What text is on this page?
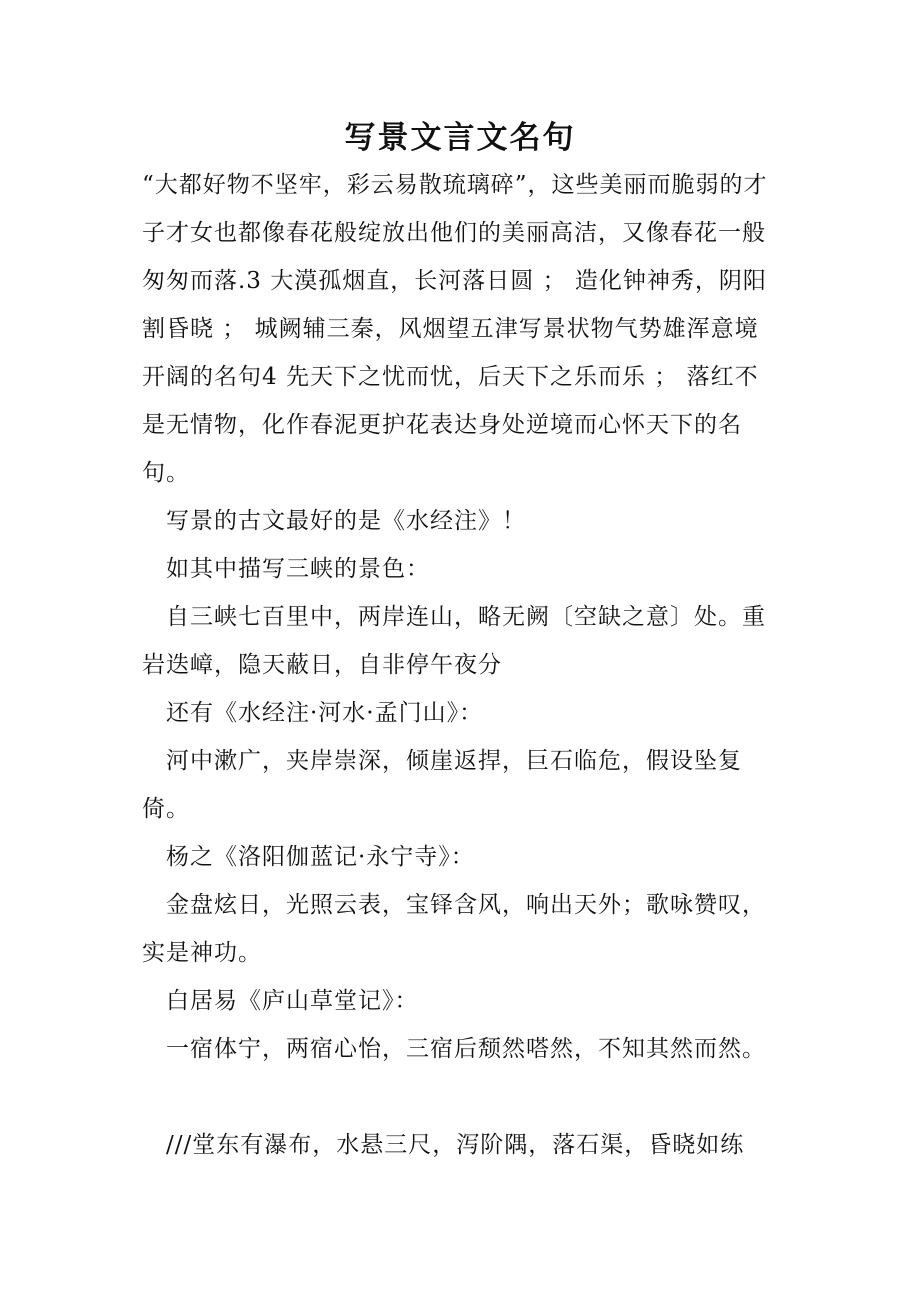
写景文言文名句

“大都好物不坚牢，彩云易散琉璃碎”，这些美丽而脆弱的才子才女也都像春花般绽放出他们的美丽高洁，又像春花一般匆匆而落.3 大漠孤烟直，长河落日圆 ； 造化钟神秀，阴阳割昏晓 ； 城阙辅三秦，风烟望五津写景状物气势雄浑意境开阔的名句4 先天下之忧而忧，后天下之乐而乐 ； 落红不是无情物，化作春泥更护花表达身处逆境而心怀天下的名句。

写景的古文最好的是《水经注》！

如其中描写三峡的景色：

自三峡七百里中，两岸连山，略无阙〔空缺之意〕处。重岩迭嶂，隐天蔽日，自非停午夜分

还有《水经注·河水·孟门山》：

河中漱广，夹岸崇深，倾崖返捍，巨石临危，假设坠复倚。

杨之《洛阳伽蓝记·永宁寺》：

金盘炫日，光照云表，宝铎含风，响出天外；歌咏赞叹，实是神功。

白居易《庐山草堂记》：

一宿体宁，两宿心怡，三宿后颓然嗒然，不知其然而然。

///堂东有瀑布，水悬三尺，泻阶隅，落石渠，昏晓如练
